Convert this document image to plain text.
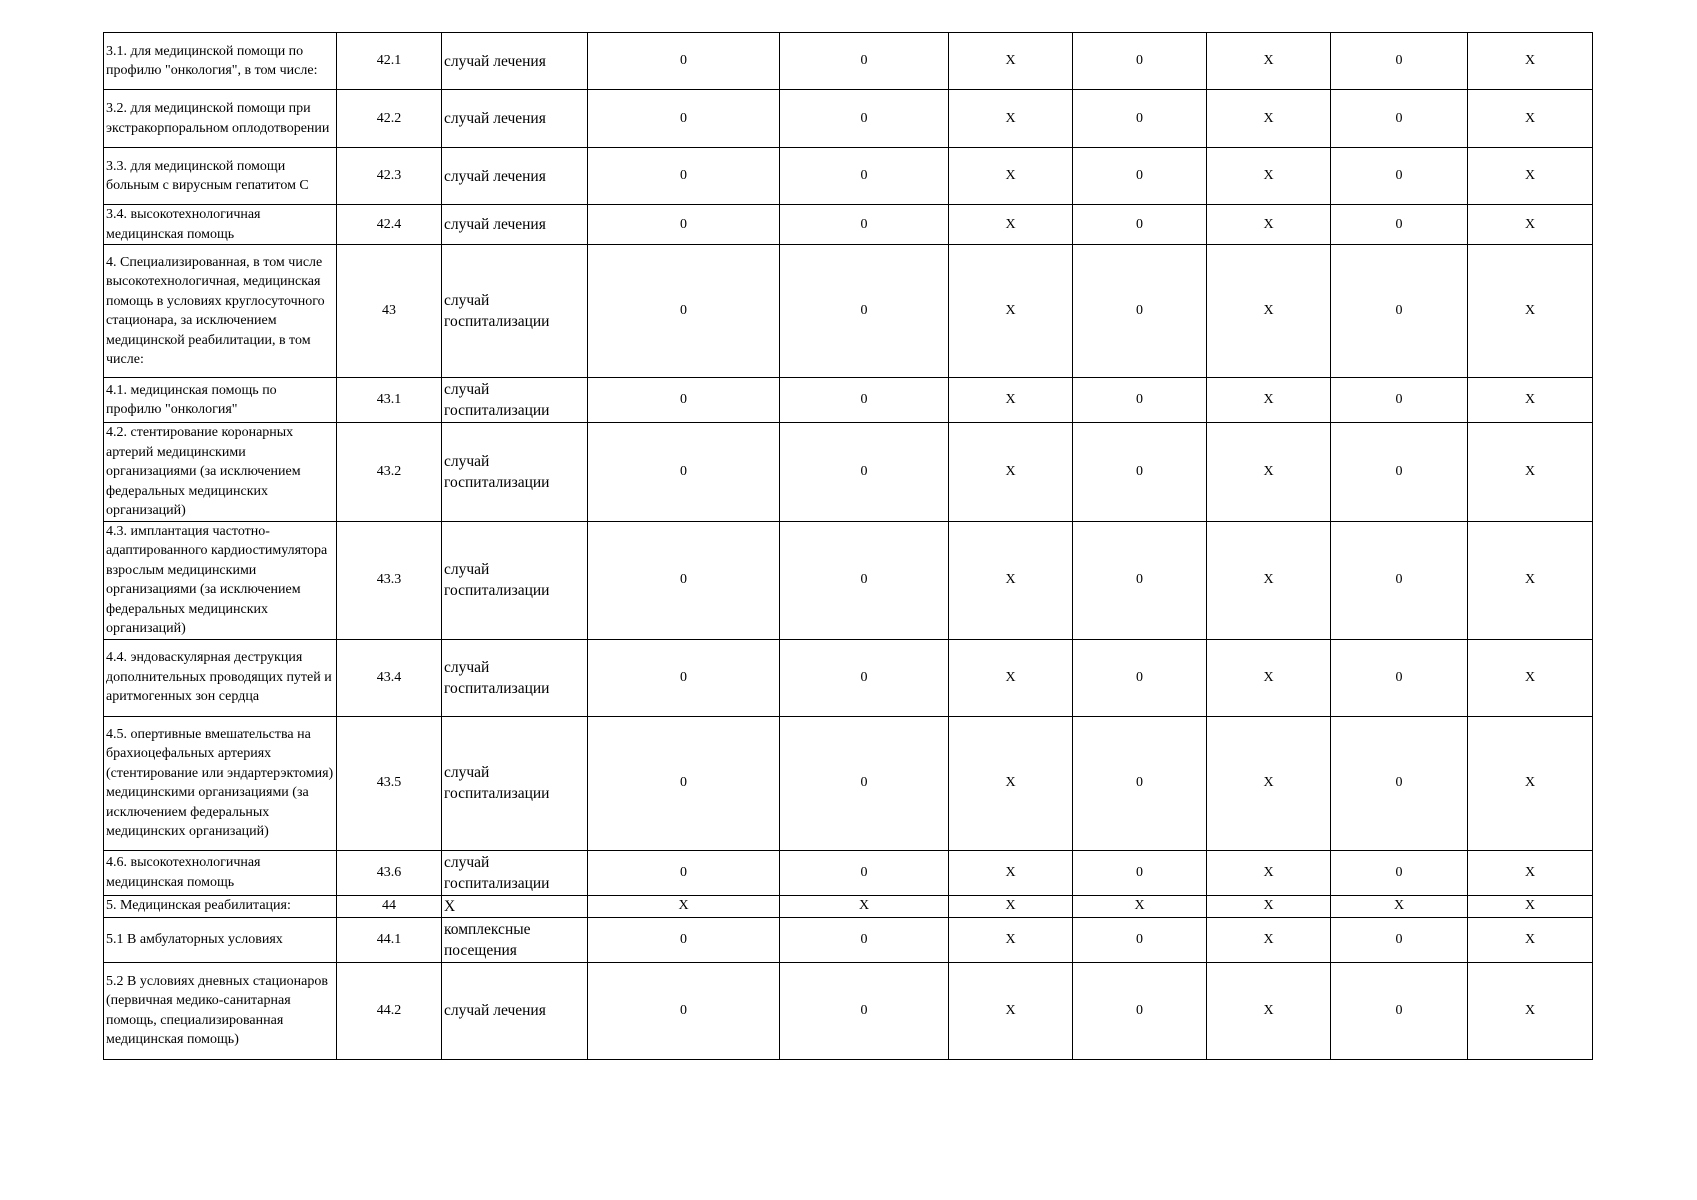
3.1. для медицинской помощи по профилю "онкология", в том числе:	42.1	случай лечения	0	0	Х	0	Х	0	Х
3.2. для медицинской помощи при экстракорпоральном оплодотворении	42.2	случай лечения	0	0	Х	0	Х	0	Х
3.3. для медицинской помощи больным с вирусным гепатитом С	42.3	случай лечения	0	0	Х	0	Х	0	Х
3.4. высокотехнологичная медицинская помощь	42.4	случай лечения	0	0	Х	0	Х	0	Х
4. Специализированная, в том числе высокотехнологичная, медицинская помощь в условиях круглосуточного стационара, за исключением медицинской реабилитации, в том числе:	43	случай госпитализации	0	0	Х	0	Х	0	Х
4.1. медицинская помощь по профилю "онкология"	43.1	случай госпитализации	0	0	Х	0	Х	0	Х
4.2. стентирование коронарных артерий медицинскими организациями (за исключением федеральных медицинских организаций)	43.2	случай госпитализации	0	0	Х	0	Х	0	Х
4.3. имплантация частотно-адаптированного кардиостимулятора взрослым медицинскими организациями (за исключением федеральных медицинских организаций)	43.3	случай госпитализации	0	0	Х	0	Х	0	Х
4.4. эндоваскулярная деструкция дополнительных проводящих путей и аритмогенных зон сердца	43.4	случай госпитализации	0	0	Х	0	Х	0	Х
4.5. опертивные вмешательства на брахиоцефальных артериях (стентирование или эндартерэктомия) медицинскими организациями (за исключением федеральных медицинских организаций)	43.5	случай госпитализации	0	0	Х	0	Х	0	Х
4.6. высокотехнологичная медицинская помощь	43.6	случай госпитализации	0	0	Х	0	Х	0	Х
5. Медицинская реабилитация:	44	Х	Х	Х	Х	Х	Х	Х	Х
5.1 В амбулаторных условиях	44.1	комплексные посещения	0	0	Х	0	Х	0	Х
5.2 В условиях дневных стационаров (первичная медико-санитарная помощь, специализированная медицинская помощь)	44.2	случай лечения	0	0	Х	0	Х	0	Х
